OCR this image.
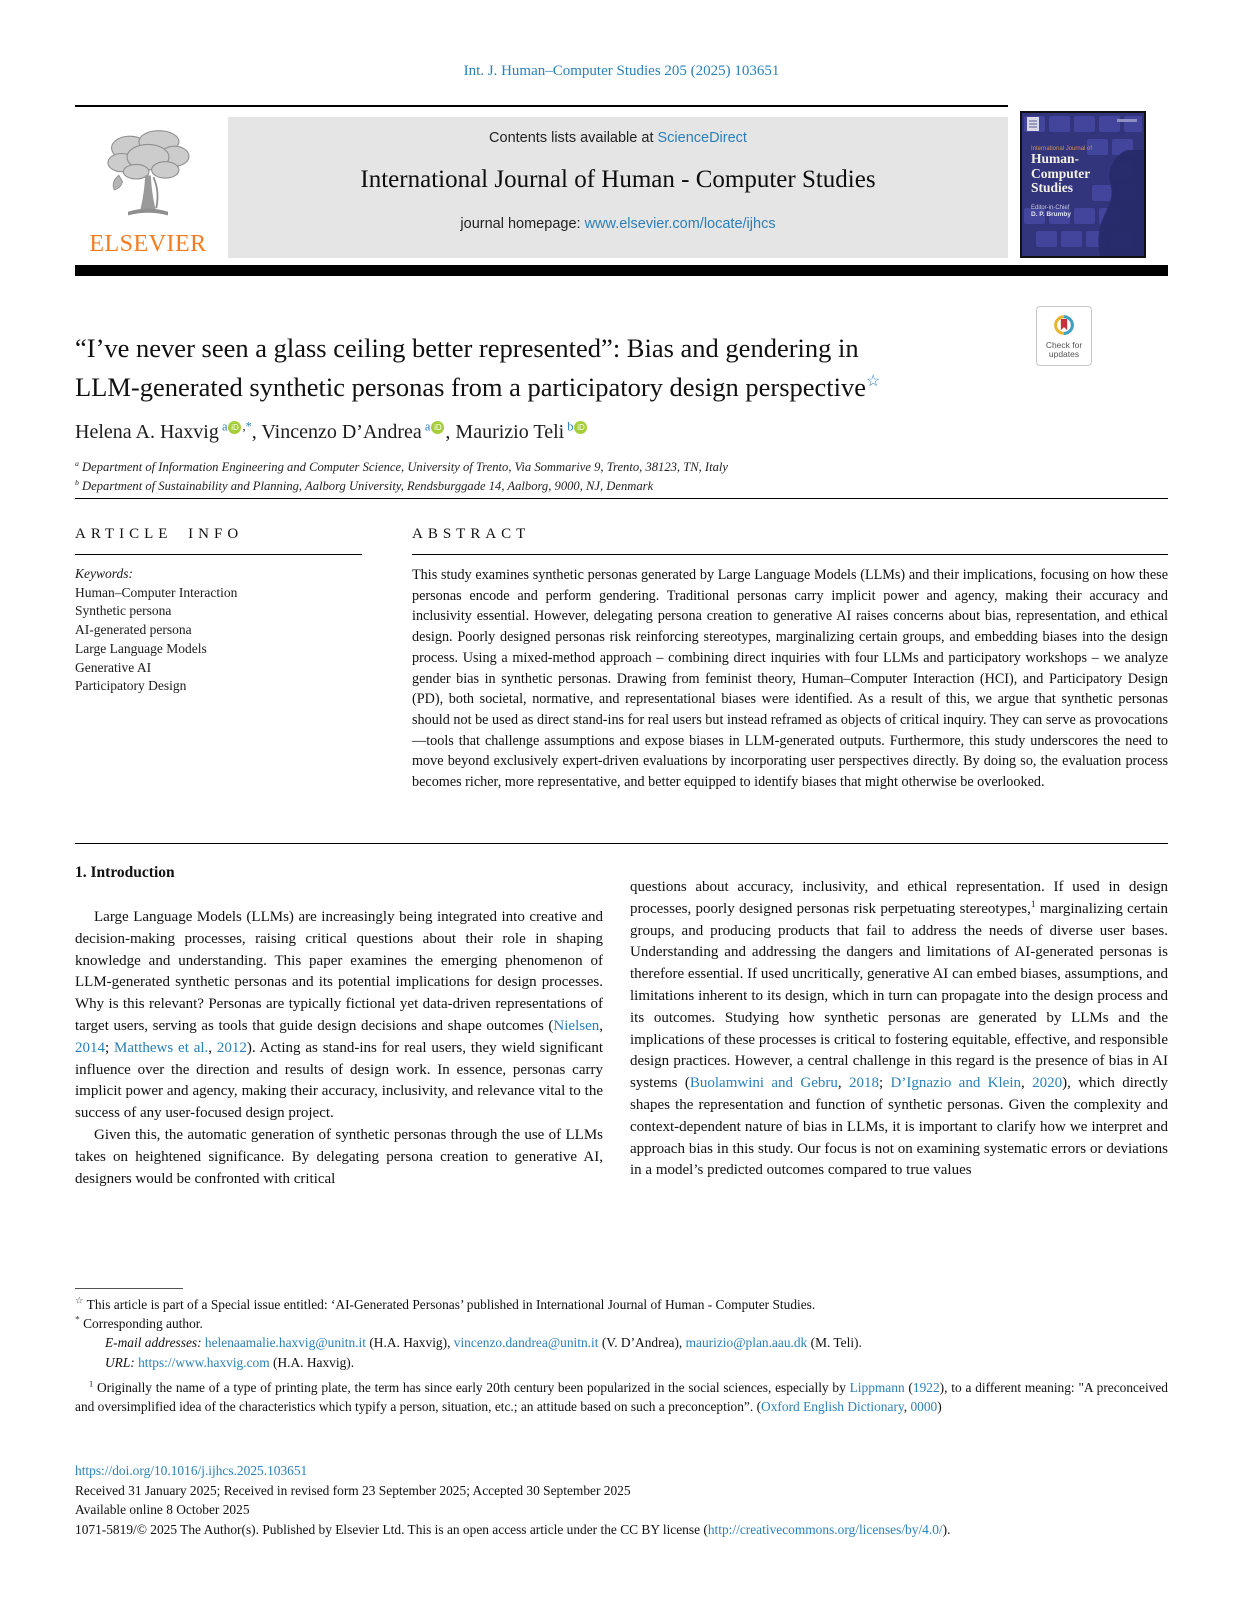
Int. J. Human–Computer Studies 205 (2025) 103651
ELSEVIER
Contents lists available at ScienceDirect
International Journal of Human - Computer Studies
journal homepage: www.elsevier.com/locate/ijhcs
International Journal of
Human-
Computer
Studies
Editor-in-Chief
D. P. Brumby
“I’ve never seen a glass ceiling better represented”: Bias and gendering in
LLM-generated synthetic personas from a participatory design perspective☆
Check for
updates
Helena A. Haxvig $^a$ iD ,*, Vincenzo D’Andrea $^a$ iD , Maurizio Teli $^b$ iD
$^a$ Department of Information Engineering and Computer Science, University of Trento, Via Sommarive 9, Trento, 38123, TN, Italy
$^b$ Department of Sustainability and Planning, Aalborg University, Rendsburggade 14, Aalborg, 9000, NJ, Denmark
ARTICLE INFO
Keywords:
Human–Computer Interaction
Synthetic persona
AI-generated persona
Large Language Models
Generative AI
Participatory Design
ABSTRACT
This study examines synthetic personas generated by Large Language Models (LLMs) and their implications, focusing on how these personas encode and perform gendering. Traditional personas carry implicit power and agency, making their accuracy and inclusivity essential. However, delegating persona creation to generative AI raises concerns about bias, representation, and ethical design. Poorly designed personas risk reinforcing stereotypes, marginalizing certain groups, and embedding biases into the design process. Using a mixed-method approach – combining direct inquiries with four LLMs and participatory workshops – we analyze gender bias in synthetic personas. Drawing from feminist theory, Human–Computer Interaction (HCI), and Participatory Design (PD), both societal, normative, and representational biases were identified. As a result of this, we argue that synthetic personas should not be used as direct stand-ins for real users but instead reframed as objects of critical inquiry. They can serve as provocations—tools that challenge assumptions and expose biases in LLM-generated outputs. Furthermore, this study underscores the need to move beyond exclusively expert-driven evaluations by incorporating user perspectives directly. By doing so, the evaluation process becomes richer, more representative, and better equipped to identify biases that might otherwise be overlooked.
1. Introduction

Large Language Models (LLMs) are increasingly being integrated into creative and decision-making processes, raising critical questions about their role in shaping knowledge and understanding. This paper examines the emerging phenomenon of LLM-generated synthetic personas and its potential implications for design processes. Why is this relevant? Personas are typically fictional yet data-driven representations of target users, serving as tools that guide design decisions and shape outcomes (Nielsen, 2014; Matthews et al., 2012). Acting as stand-ins for real users, they wield significant influence over the direction and results of design work. In essence, personas carry implicit power and agency, making their accuracy, inclusivity, and relevance vital to the success of any user-focused design project.

Given this, the automatic generation of synthetic personas through the use of LLMs takes on heightened significance. By delegating persona creation to generative AI, designers would be confronted with critical

questions about accuracy, inclusivity, and ethical representation. If used in design processes, poorly designed personas risk perpetuating stereotypes,$^1$ marginalizing certain groups, and producing products that fail to address the needs of diverse user bases. Understanding and addressing the dangers and limitations of AI-generated personas is therefore essential. If used uncritically, generative AI can embed biases, assumptions, and limitations inherent to its design, which in turn can propagate into the design process and its outcomes. Studying how synthetic personas are generated by LLMs and the implications of these processes is critical to fostering equitable, effective, and responsible design practices. However, a central challenge in this regard is the presence of bias in AI systems (Buolamwini and Gebru, 2018; D’Ignazio and Klein, 2020), which directly shapes the representation and function of synthetic personas. Given the complexity and context-dependent nature of bias in LLMs, it is important to clarify how we interpret and approach bias in this study. Our focus is not on examining systematic errors or deviations in a model’s predicted outcomes compared to true values

☆ This article is part of a Special issue entitled: ‘AI-Generated Personas’ published in International Journal of Human - Computer Studies.

* Corresponding author.

E-mail addresses: helenaamalie.haxvig@unitn.it (H.A. Haxvig), vincenzo.dandrea@unitn.it (V. D’Andrea), maurizio@plan.aau.dk (M. Teli).

URL: https://www.haxvig.com (H.A. Haxvig).

$^1$ Originally the name of a type of printing plate, the term has since early 20th century been popularized in the social sciences, especially by Lippmann (1922), to a different meaning: "A preconceived and oversimplified idea of the characteristics which typify a person, situation, etc.; an attitude based on such a preconception”. (Oxford English Dictionary, 0000)

https://doi.org/10.1016/j.ijhcs.2025.103651
Received 31 January 2025; Received in revised form 23 September 2025; Accepted 30 September 2025
Available online 8 October 2025
1071-5819/© 2025 The Author(s). Published by Elsevier Ltd. This is an open access article under the CC BY license (http://creativecommons.org/licenses/by/4.0/).
